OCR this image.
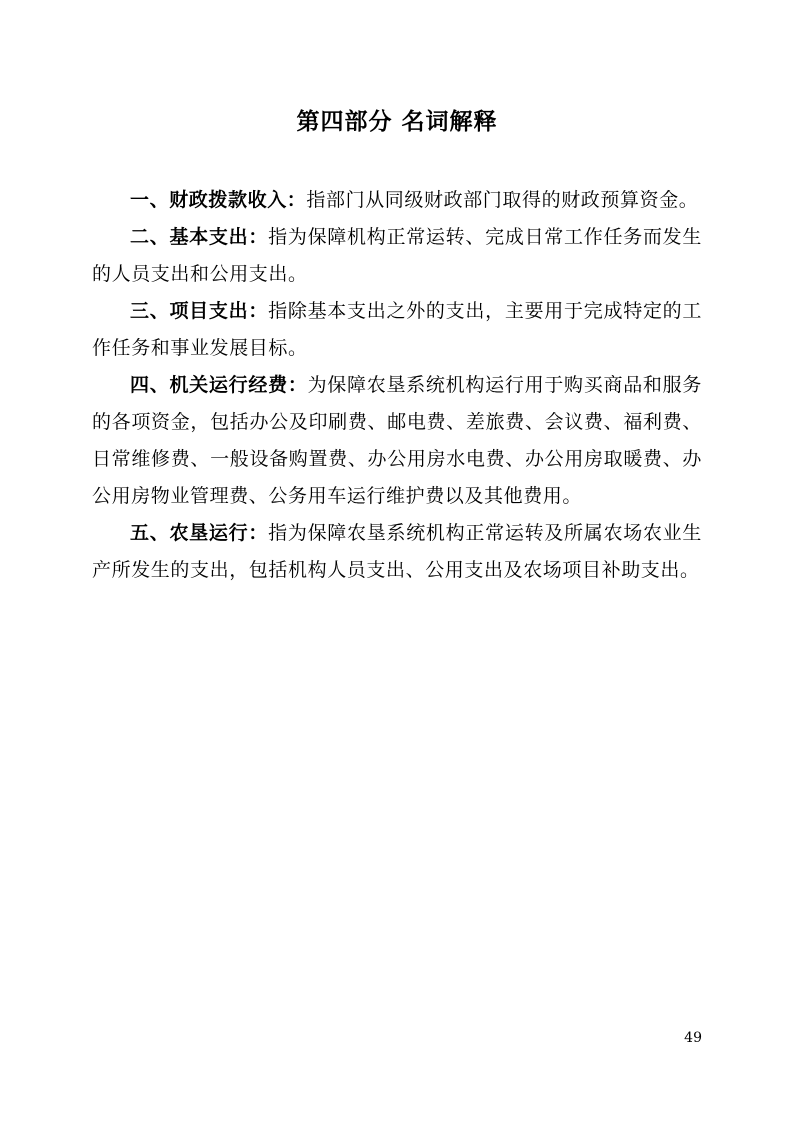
第四部分 名词解释

一、财政拨款收入：指部门从同级财政部门取得的财政预算资金。

二、基本支出：指为保障机构正常运转、完成日常工作任务而发生的人员支出和公用支出。

三、项目支出：指除基本支出之外的支出，主要用于完成特定的工作任务和事业发展目标。

四、机关运行经费：为保障农垦系统机构运行用于购买商品和服务的各项资金，包括办公及印刷费、邮电费、差旅费、会议费、福利费、日常维修费、一般设备购置费、办公用房水电费、办公用房取暖费、办公用房物业管理费、公务用车运行维护费以及其他费用。

五、农垦运行：指为保障农垦系统机构正常运转及所属农场农业生产所发生的支出，包括机构人员支出、公用支出及农场项目补助支出。

49
